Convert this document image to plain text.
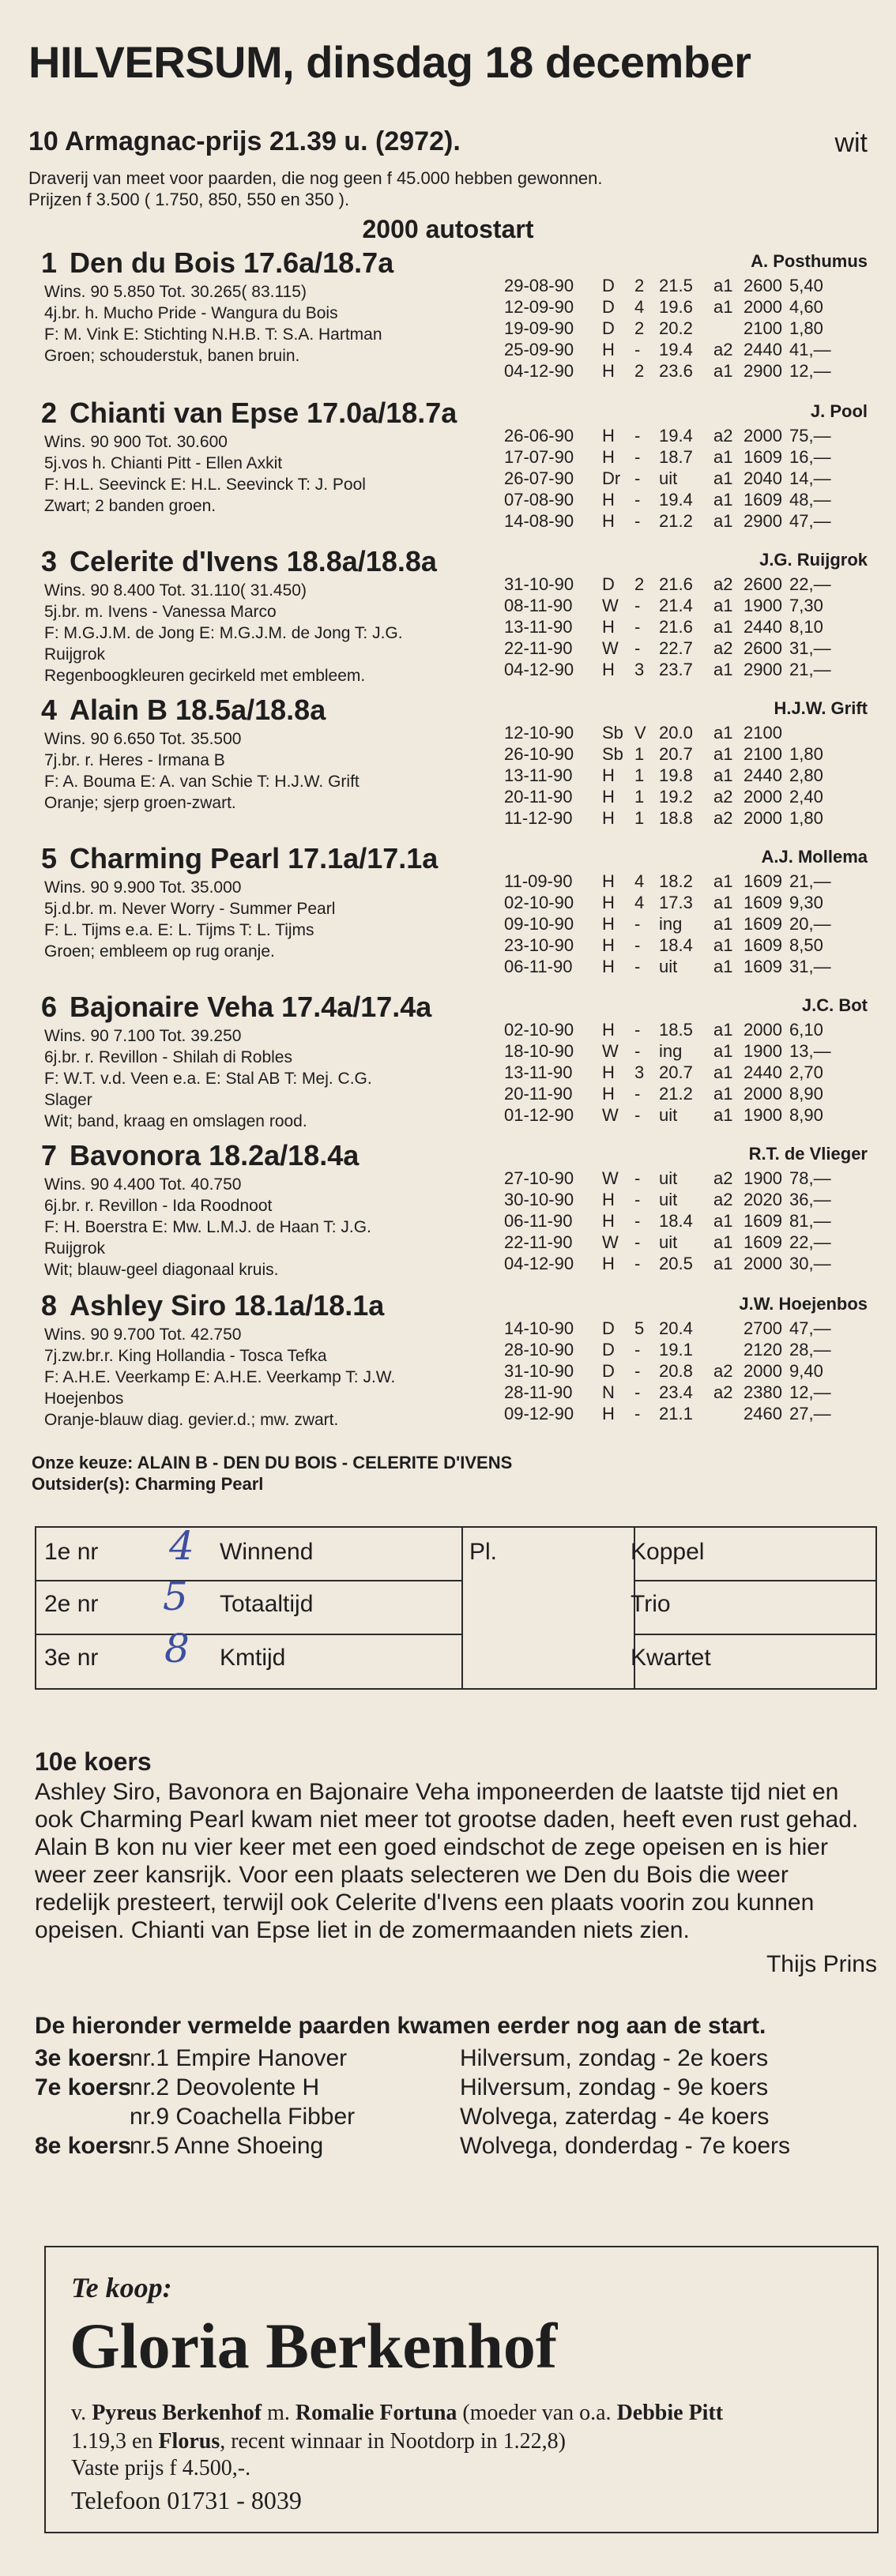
HILVERSUM, dinsdag 18 december
10 Armagnac-prijs 21.39 u. (2972).	wit
Draverij van meet voor paarden, die nog geen f 45.000 hebben gewonnen.
Prijzen f 3.500 ( 1.750, 850, 550 en 350 ).
2000 autostart
1 Den du Bois 17.6a/18.7a	A. Posthumus
Wins. 90 5.850 Tot. 30.265( 83.115)
4j.br. h. Mucho Pride - Wangura du Bois
F: M. Vink E: Stichting N.H.B. T: S.A. Hartman
Groen; schouderstuk, banen bruin.
29-08-90 D 2 21.5 a1 2600 5,40
12-09-90 D 4 19.6 a1 2000 4,60
19-09-90 D 2 20.2	2100 1,80
25-09-90 H - 19.4 a2 2440 41,—
04-12-90 H 2 23.6 a1 2900 12,—
2 Chianti van Epse 17.0a/18.7a	J. Pool
Wins. 90 900 Tot. 30.600
5j.vos h. Chianti Pitt - Ellen Axkit
F: H.L. Seevinck E: H.L. Seevinck T: J. Pool
Zwart; 2 banden groen.
26-06-90 H - 19.4 a2 2000 75,—
17-07-90 H - 18.7 a1 1609 16,—
26-07-90 Dr - uit a1 2040 14,—
07-08-90 H - 19.4 a1 1609 48,—
14-08-90 H - 21.2 a1 2900 47,—
3 Celerite d'Ivens 18.8a/18.8a	J.G. Ruijgrok
Wins. 90 8.400 Tot. 31.110( 31.450)
5j.br. m. Ivens - Vanessa Marco
F: M.G.J.M. de Jong E: M.G.J.M. de Jong T: J.G.
Ruijgrok
Regenboogkleuren gecirkeld met embleem.
31-10-90 D 2 21.6 a2 2600 22,—
08-11-90 W - 21.4 a1 1900 7,30
13-11-90 H - 21.6 a1 2440 8,10
22-11-90 W - 22.7 a2 2600 31,—
04-12-90 H 3 23.7 a1 2900 21,—
4 Alain B 18.5a/18.8a	H.J.W. Grift
Wins. 90 6.650 Tot. 35.500
7j.br. r. Heres - Irmana B
F: A. Bouma E: A. van Schie T: H.J.W. Grift
Oranje; sjerp groen-zwart.
12-10-90 Sb V 20.0 a1 2100
26-10-90 Sb 1 20.7 a1 2100 1,80
13-11-90 H 1 19.8 a1 2440 2,80
20-11-90 H 1 19.2 a2 2000 2,40
11-12-90 H 1 18.8 a2 2000 1,80
5 Charming Pearl 17.1a/17.1a	A.J. Mollema
Wins. 90 9.900 Tot. 35.000
5j.d.br. m. Never Worry - Summer Pearl
F: L. Tijms e.a. E: L. Tijms T: L. Tijms
Groen; embleem op rug oranje.
11-09-90 H 4 18.2 a1 1609 21,—
02-10-90 H 4 17.3 a1 1609 9,30
09-10-90 H - ing a1 1609 20,—
23-10-90 H - 18.4 a1 1609 8,50
06-11-90 H - uit a1 1609 31,—
6 Bajonaire Veha 17.4a/17.4a	J.C. Bot
Wins. 90 7.100 Tot. 39.250
6j.br. r. Revillon - Shilah di Robles
F: W.T. v.d. Veen e.a. E: Stal AB T: Mej. C.G.
Slager
Wit; band, kraag en omslagen rood.
02-10-90 H - 18.5 a1 2000 6,10
18-10-90 W - ing a1 1900 13,—
13-11-90 H 3 20.7 a1 2440 2,70
20-11-90 H - 21.2 a1 2000 8,90
01-12-90 W - uit a1 1900 8,90
7 Bavonora 18.2a/18.4a	R.T. de Vlieger
Wins. 90 4.400 Tot. 40.750
6j.br. r. Revillon - Ida Roodnoot
F: H. Boerstra E: Mw. L.M.J. de Haan T: J.G.
Ruijgrok
Wit; blauw-geel diagonaal kruis.
27-10-90 W - uit a2 1900 78,—
30-10-90 H - uit a2 2020 36,—
06-11-90 H - 18.4 a1 1609 81,—
22-11-90 W - uit a1 1609 22,—
04-12-90 H - 20.5 a1 2000 30,—
8 Ashley Siro 18.1a/18.1a	J.W. Hoejenbos
Wins. 90 9.700 Tot. 42.750
7j.zw.br.r. King Hollandia - Tosca Tefka
F: A.H.E. Veerkamp E: A.H.E. Veerkamp T: J.W.
Hoejenbos
Oranje-blauw diag. gevier.d.; mw. zwart.
14-10-90 D 5 20.4	2700 47,—
28-10-90 D - 19.1	2120 28,—
31-10-90 D - 20.8 a2 2000 9,40
28-11-90 N - 23.4 a2 2380 12,—
09-12-90 H - 21.1	2460 27,—
Onze keuze: ALAIN B - DEN DU BOIS - CELERITE D'IVENS
Outsider(s): Charming Pearl
1e nr 4 Winnend	Koppel
2e nr 5 Totaaltijd	Trio
3e nr 8 Kmtijd	Kwartet
Pl.
10e koers
Ashley Siro, Bavonora en Bajonaire Veha imponeerden de laatste tijd niet en ook Charming Pearl kwam niet meer tot grootse daden, heeft even rust gehad. Alain B kon nu vier keer met een goed eindschot de zege opeisen en is hier weer zeer kansrijk. Voor een plaats selecteren we Den du Bois die weer redelijk presteert, terwijl ook Celerite d'Ivens een plaats voorin zou kunnen opeisen. Chianti van Epse liet in de zomermaanden niets zien.
Thijs Prins
De hieronder vermelde paarden kwamen eerder nog aan de start.
3e koers
nr.1 Empire Hanover	Hilversum, zondag - 2e koers
7e koers
nr.2 Deovolente H	Hilversum, zondag - 9e koers
nr.9 Coachella Fibber	Wolvega, zaterdag - 4e koers
8e koers
nr.5 Anne Shoeing	Wolvega, donderdag - 7e koers
Te koop:
Gloria Berkenhof
v. Pyreus Berkenhof m. Romalie Fortuna (moeder van o.a. Debbie Pitt
1.19,3 en Florus, recent winnaar in Nootdorp in 1.22,8)
Vaste prijs f 4.500,-.
Telefoon 01731 - 8039
